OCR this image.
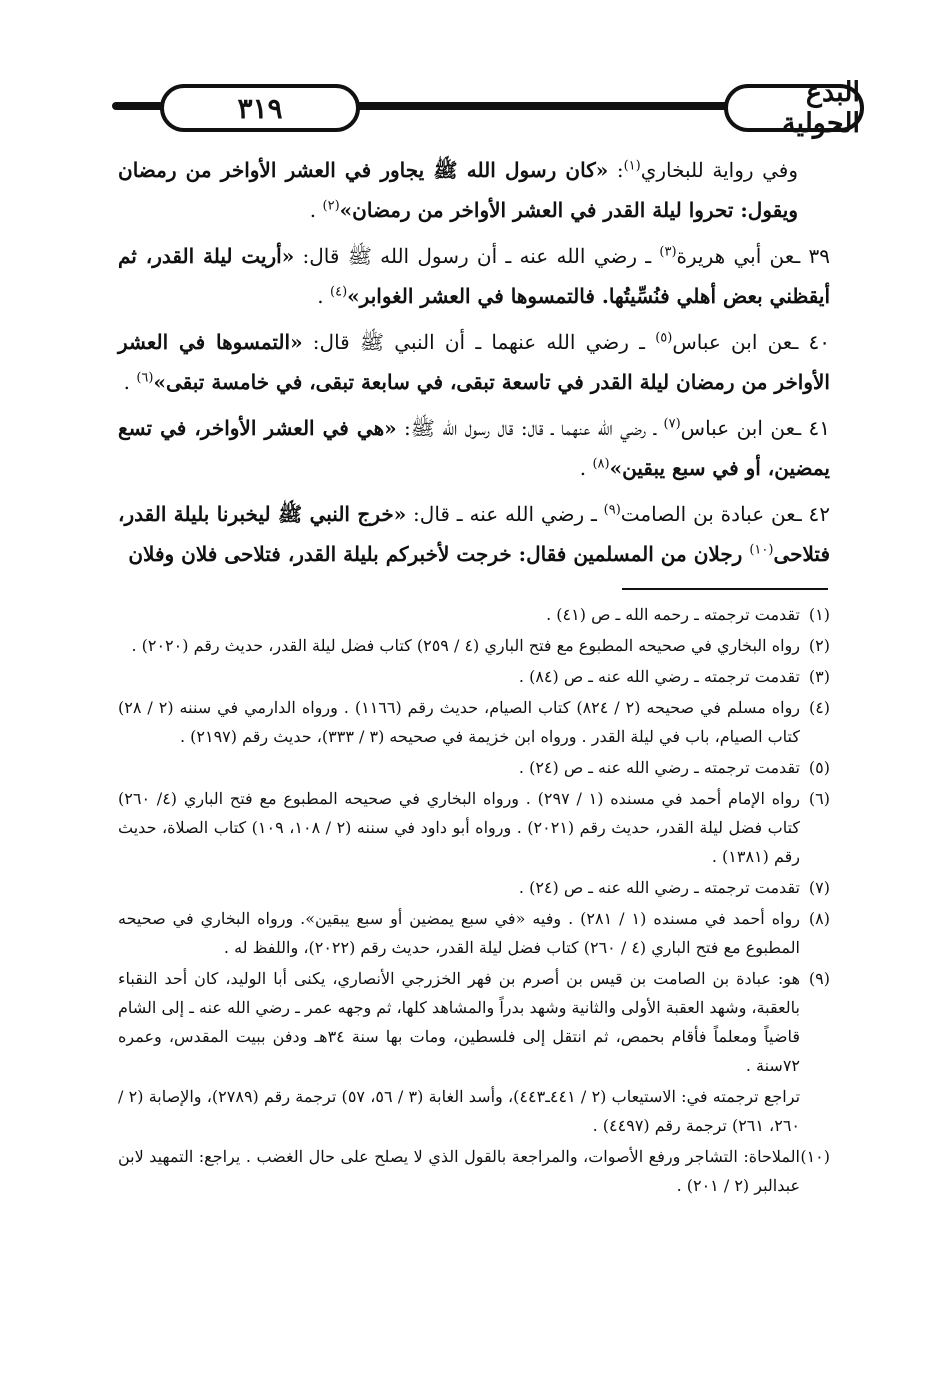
٣١٩	البدع الحولية

وفي رواية للبخاري$^{(١)}$: «كان رسول الله ﷺ يجاور في العشر الأواخر من رمضان ويقول: تحروا ليلة القدر في العشر الأواخر من رمضان»$^{(٢)}$ .

٣٩ ـعن أبي هريرة$^{(٣)}$ ـ رضي الله عنه ـ أن رسول الله ﷺ قال: «أريت ليلة القدر، ثم أيقظني بعض أهلي فنُسِّيتُها. فالتمسوها في العشر الغوابر»$^{(٤)}$ .

٤٠ ـعن ابن عباس$^{(٥)}$ ـ رضي الله عنهما ـ أن النبي ﷺ قال: «التمسوها في العشر الأواخر من رمضان ليلة القدر في تاسعة تبقى، في سابعة تبقى، في خامسة تبقى»$^{(٦)}$ .

٤١ ـعن ابن عباس$^{(٧)}$ ـ رضي الله عنهما ـ قال: قال رسول الله ﷺ: «هي في العشر الأواخر، في تسع يمضين، أو في سبع يبقين»$^{(٨)}$ .

٤٢ ـعن عبادة بن الصامت$^{(٩)}$ ـ رضي الله عنه ـ قال: «خرج النبي ﷺ ليخبرنا بليلة القدر، فتلاحى$^{(١٠)}$ رجلان من المسلمين فقال: خرجت لأخبركم بليلة القدر، فتلاحى فلان وفلان

(١)تقدمت ترجمته ـ رحمه الله ـ ص (٤١) .

(٢)رواه البخاري في صحيحه المطبوع مع فتح الباري (٤ / ٢٥٩) كتاب فضل ليلة القدر، حديث رقم (٢٠٢٠) .

(٣)تقدمت ترجمته ـ رضي الله عنه ـ ص (٨٤) .

(٤)رواه مسلم في صحيحه (٢ / ٨٢٤) كتاب الصيام، حديث رقم (١١٦٦) . ورواه الدارمي في سننه (٢ / ٢٨) كتاب الصيام، باب في ليلة القدر . ورواه ابن خزيمة في صحيحه (٣ / ٣٣٣)، حديث رقم (٢١٩٧) .

(٥)تقدمت ترجمته ـ رضي الله عنه ـ ص (٢٤) .

(٦)رواه الإمام أحمد في مسنده (١ / ٢٩٧) . ورواه البخاري في صحيحه المطبوع مع فتح الباري (٤/ ٢٦٠) كتاب فضل ليلة القدر، حديث رقم (٢٠٢١) . ورواه أبو داود في سننه (٢ / ١٠٨، ١٠٩) كتاب الصلاة، حديث رقم (١٣٨١) .

(٧)تقدمت ترجمته ـ رضي الله عنه ـ ص (٢٤) .

(٨)رواه أحمد في مسنده (١ / ٢٨١) . وفيه «في سبع يمضين أو سبع يبقين». ورواه البخاري في صحيحه المطبوع مع فتح الباري (٤ / ٢٦٠) كتاب فضل ليلة القدر، حديث رقم (٢٠٢٢)، واللفظ له .

(٩)هو: عبادة بن الصامت بن قيس بن أصرم بن فهر الخزرجي الأنصاري، يكنى أبا الوليد، كان أحد النقباء بالعقبة، وشهد العقبة الأولى والثانية وشهد بدراً والمشاهد كلها، ثم وجهه عمر ـ رضي الله عنه ـ إلى الشام قاضياً ومعلماً فأقام بحمص، ثم انتقل إلى فلسطين، ومات بها سنة ٣٤هـ ودفن ببيت المقدس، وعمره ٧٢سنة .

تراجع ترجمته في: الاستيعاب (٢ / ٤٤١ـ٤٤٣)، وأسد الغابة (٣ / ٥٦، ٥٧) ترجمة رقم (٢٧٨٩)، والإصابة (٢ / ٢٦٠، ٢٦١) ترجمة رقم (٤٤٩٧) .

(١٠)الملاحاة: التشاجر ورفع الأصوات، والمراجعة بالقول الذي لا يصلح على حال الغضب . يراجع: التمهيد لابن عبدالبر (٢ / ٢٠١) .
